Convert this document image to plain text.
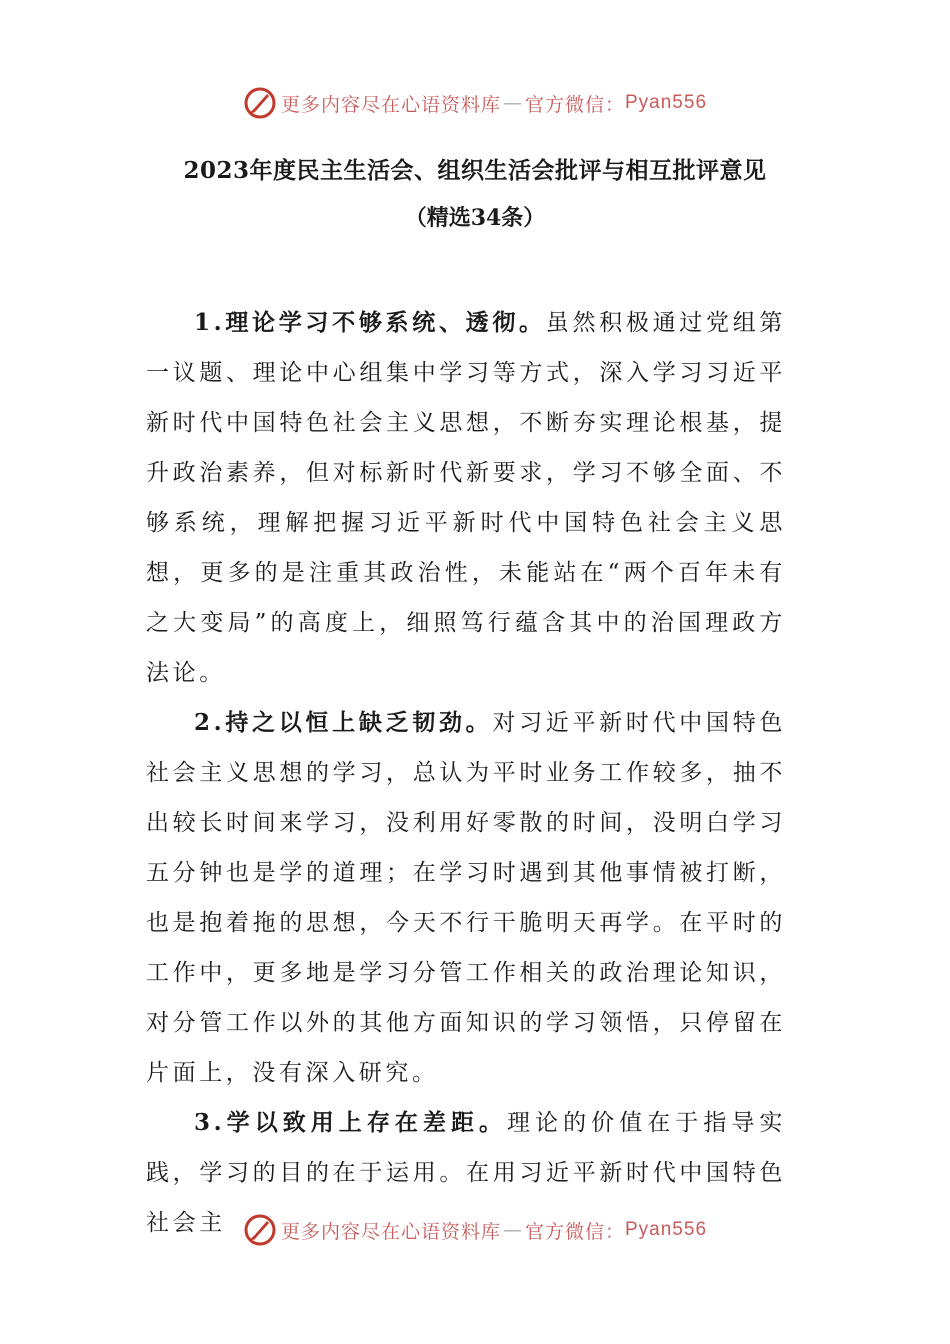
更多内容尽在心语资料库 — 官方微信： Pyan556
2023年度民主生活会、组织生活会批评与相互批评意见
（精选34条）

1.理论学习不够系统、透彻。虽然积极通过党组第一议题、理论中心组集中学习等方式，深入学习习近平新时代中国特色社会主义思想，不断夯实理论根基，提升政治素养，但对标新时代新要求，学习不够全面、不够系统，理解把握习近平新时代中国特色社会主义思想，更多的是注重其政治性，未能站在“两个百年未有之大变局”的高度上，细照笃行蕴含其中的治国理政方法论。

2.持之以恒上缺乏韧劲。对习近平新时代中国特色社会主义思想的学习，总认为平时业务工作较多，抽不出较长时间来学习，没利用好零散的时间，没明白学习五分钟也是学的道理；在学习时遇到其他事情被打断，也是抱着拖的思想，今天不行干脆明天再学。在平时的工作中，更多地是学习分管工作相关的政治理论知识，对分管工作以外的其他方面知识的学习领悟，只停留在片面上，没有深入研究。

3.学以致用上存在差距。理论的价值在于指导实践，学习的目的在于运用。在用习近平新时代中国特色社会主	更多内容尽在心语资料库 — 官方微信： Pyan556
